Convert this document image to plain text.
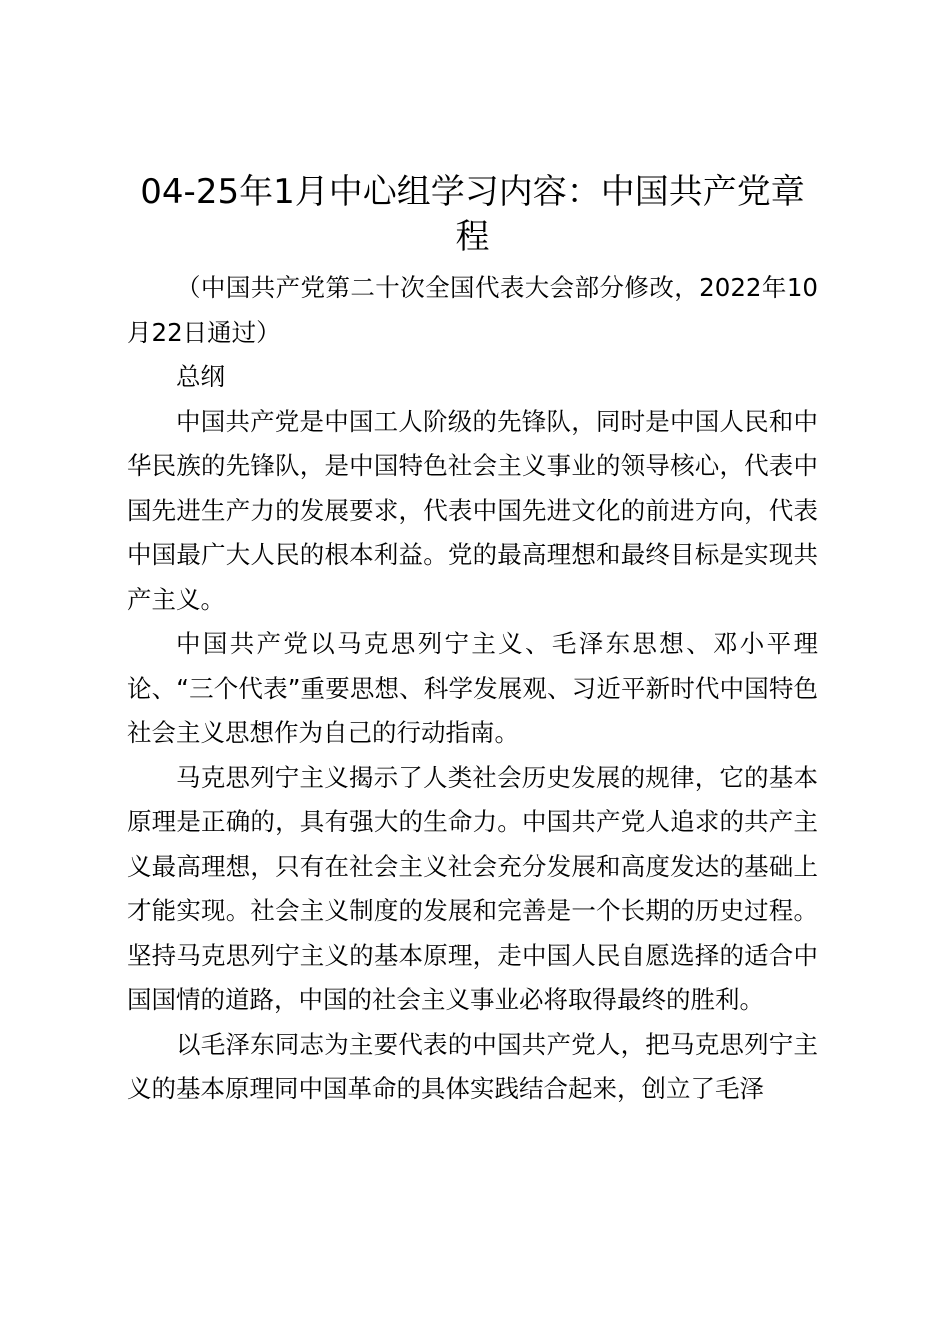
04-25年1月中心组学习内容：中国共产党章程

（中国共产党第二十次全国代表大会部分修改，2022年10月22日通过）

总纲

中国共产党是中国工人阶级的先锋队，同时是中国人民和中华民族的先锋队，是中国特色社会主义事业的领导核心，代表中国先进生产力的发展要求，代表中国先进文化的前进方向，代表中国最广大人民的根本利益。党的最高理想和最终目标是实现共产主义。

中国共产党以马克思列宁主义、毛泽东思想、邓小平理论、“三个代表”重要思想、科学发展观、习近平新时代中国特色社会主义思想作为自己的行动指南。

马克思列宁主义揭示了人类社会历史发展的规律，它的基本原理是正确的，具有强大的生命力。中国共产党人追求的共产主义最高理想，只有在社会主义社会充分发展和高度发达的基础上才能实现。社会主义制度的发展和完善是一个长期的历史过程。坚持马克思列宁主义的基本原理，走中国人民自愿选择的适合中国国情的道路，中国的社会主义事业必将取得最终的胜利。

以毛泽东同志为主要代表的中国共产党人，把马克思列宁主义的基本原理同中国革命的具体实践结合起来，创立了毛泽
